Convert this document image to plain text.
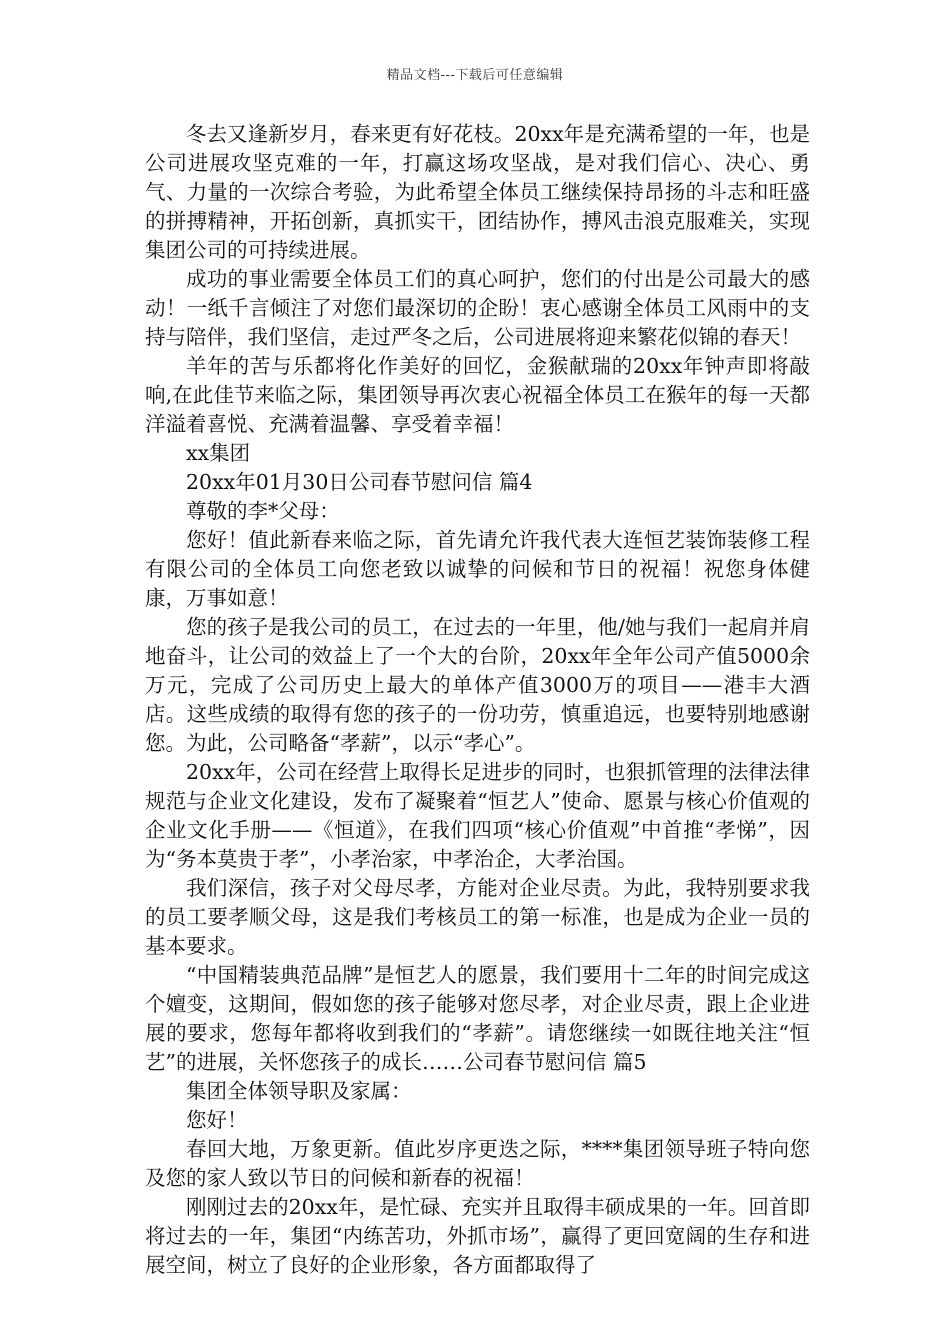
精品文档---下载后可任意编辑

冬去又逢新岁月，春来更有好花枝。20xx年是充满希望的一年，也是公司进展攻坚克难的一年，打赢这场攻坚战，是对我们信心、决心、勇气、力量的一次综合考验，为此希望全体员工继续保持昂扬的斗志和旺盛的拼搏精神，开拓创新，真抓实干，团结协作，搏风击浪克服难关，实现集团公司的可持续进展。

成功的事业需要全体员工们的真心呵护，您们的付出是公司最大的感动！一纸千言倾注了对您们最深切的企盼！衷心感谢全体员工风雨中的支持与陪伴，我们坚信，走过严冬之后，公司进展将迎来繁花似锦的春天！

羊年的苦与乐都将化作美好的回忆，金猴献瑞的20xx年钟声即将敲响,在此佳节来临之际，集团领导再次衷心祝福全体员工在猴年的每一天都洋溢着喜悦、充满着温馨、享受着幸福！

xx集团

20xx年01月30日公司春节慰问信 篇4

尊敬的李*父母：

您好！值此新春来临之际，首先请允许我代表大连恒艺装饰装修工程有限公司的全体员工向您老致以诚挚的问候和节日的祝福！祝您身体健康，万事如意！

您的孩子是我公司的员工，在过去的一年里，他/她与我们一起肩并肩地奋斗，让公司的效益上了一个大的台阶，20xx年全年公司产值5000余万元，完成了公司历史上最大的单体产值3000万的项目——港丰大酒店。这些成绩的取得有您的孩子的一份功劳，慎重追远，也要特别地感谢您。为此，公司略备“孝薪”，以示“孝心”。

20xx年，公司在经营上取得长足进步的同时，也狠抓管理的法律法律规范与企业文化建设，发布了凝聚着“恒艺人”使命、愿景与核心价值观的企业文化手册——《恒道》，在我们四项“核心价值观”中首推“孝悌”，因为“务本莫贵于孝”，小孝治家，中孝治企，大孝治国。

我们深信，孩子对父母尽孝，方能对企业尽责。为此，我特别要求我的员工要孝顺父母，这是我们考核员工的第一标准，也是成为企业一员的基本要求。

“中国精装典范品牌”是恒艺人的愿景，我们要用十二年的时间完成这个嬗变，这期间，假如您的孩子能够对您尽孝，对企业尽责，跟上企业进展的要求，您每年都将收到我们的“孝薪”。请您继续一如既往地关注“恒艺”的进展，关怀您孩子的成长……公司春节慰问信 篇5

集团全体领导职及家属：

您好！

春回大地，万象更新。值此岁序更迭之际，****集团领导班子特向您及您的家人致以节日的问候和新春的祝福！

刚刚过去的20xx年，是忙碌、充实并且取得丰硕成果的一年。回首即将过去的一年，集团“内练苦功，外抓市场”，赢得了更回宽阔的生存和进展空间，树立了良好的企业形象，各方面都取得了
